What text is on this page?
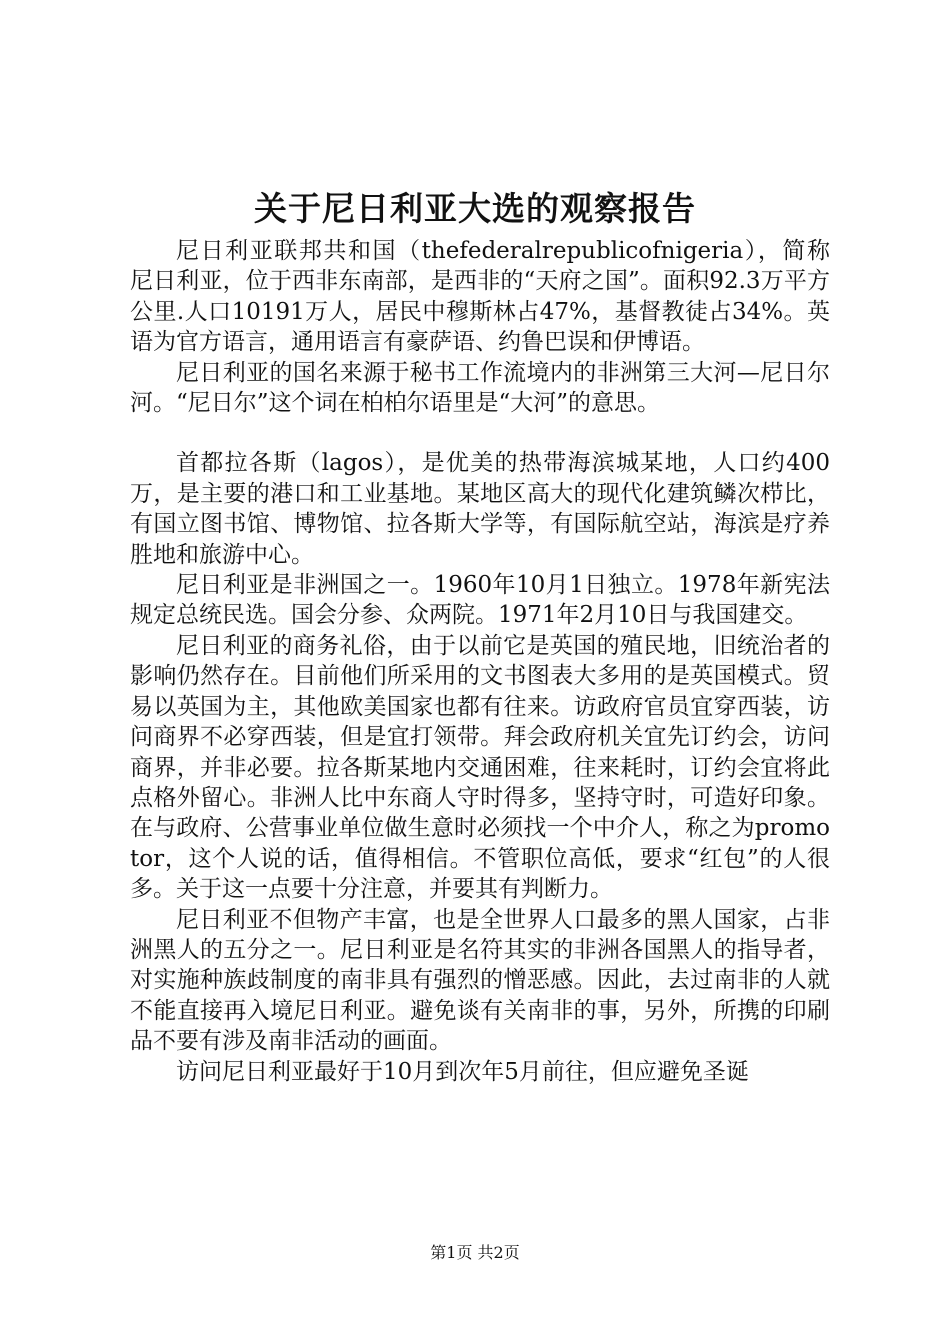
关于尼日利亚大选的观察报告

尼日利亚联邦共和国（thefederalrepublicofnigeria），简称尼日利亚，位于西非东南部，是西非的“天府之国”。面积92.3万平方公里.人口10191万人，居民中穆斯林占47%，基督教徒占34%。英语为官方语言，通用语言有豪萨语、约鲁巴误和伊博语。

尼日利亚的国名来源于秘书工作流境内的非洲第三大河—尼日尔河。“尼日尔”这个词在柏柏尔语里是“大河”的意思。

首都拉各斯（lagos），是优美的热带海滨城某地，人口约400万，是主要的港口和工业基地。某地区高大的现代化建筑鳞次栉比，有国立图书馆、博物馆、拉各斯大学等，有国际航空站，海滨是疗养胜地和旅游中心。

尼日利亚是非洲国之一。1960年10月1日独立。1978年新宪法规定总统民选。国会分参、众两院。1971年2月10日与我国建交。

尼日利亚的商务礼俗，由于以前它是英国的殖民地，旧统治者的影响仍然存在。目前他们所采用的文书图表大多用的是英国模式。贸易以英国为主，其他欧美国家也都有往来。访政府官员宜穿西装，访问商界不必穿西装，但是宜打领带。拜会政府机关宜先订约会，访问商界，并非必要。拉各斯某地内交通困难，往来耗时，订约会宜将此点格外留心。非洲人比中东商人守时得多，坚持守时，可造好印象。在与政府、公营事业单位做生意时必须找一个中介人，称之为promotor，这个人说的话，值得相信。不管职位高低，要求“红包”的人很多。关于这一点要十分注意，并要其有判断力。

尼日利亚不但物产丰富，也是全世界人口最多的黑人国家，占非洲黑人的五分之一。尼日利亚是名符其实的非洲各国黑人的指导者，对实施种族歧制度的南非具有强烈的憎恶感。因此，去过南非的人就不能直接再入境尼日利亚。避免谈有关南非的事，另外，所携的印刷品不要有涉及南非活动的画面。

访问尼日利亚最好于10月到次年5月前往，但应避免圣诞

第1页 共2页
